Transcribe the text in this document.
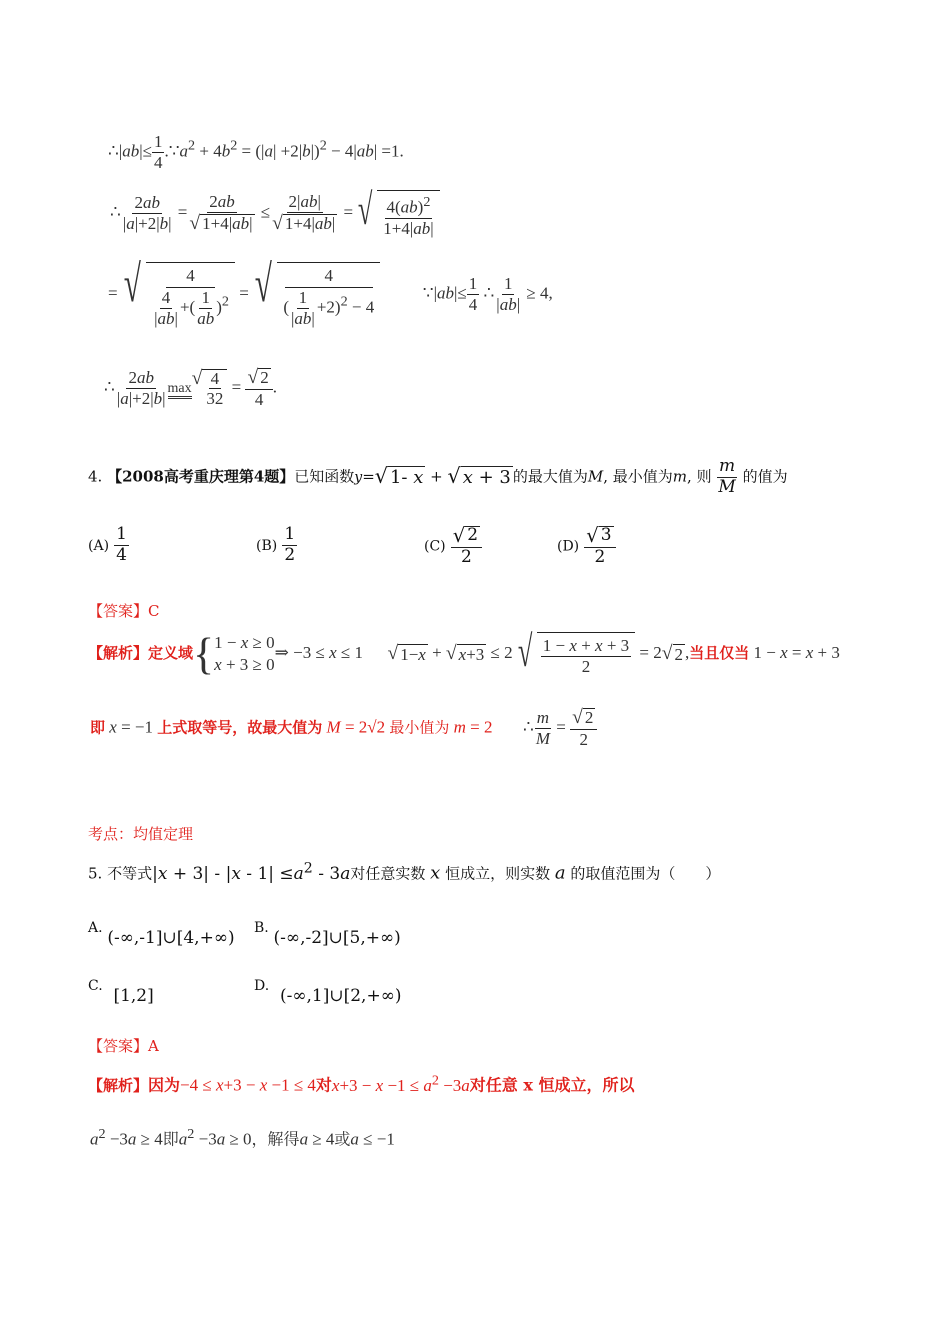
∴|ab|≤ $\frac{1}{4}$ $.\because a^2 + 4b^2 = (|a| +2|b|)^2 - 4|ab| =1$.
∴ $\frac{2ab}{|a|+2|b|} = \frac{2ab}{√ 1+4|ab|} \le \frac{2|ab|}{√ 1+4|ab|}$ = √ $\frac{4(ab)^2}{1+4|ab|}$
= √ $\frac{4}{\frac{4}{|ab|} +( \frac{1}{ab} )^2}$ = √ $\frac{4}{( \frac{1}{|ab|} +2)^2 - 4}$ ∵|ab|≤ $\frac{1}{4}$ ∴ $\frac{1}{|ab|} \ge 4$,
∴ $\frac{2ab}{|a|+2|b|}$ max
√ $\frac{4}{32} = \frac{√ 2}{4}$ .
4. 【2008高考重庆理第4题】已知函数y= √ 1- x + √ x + 3 的最大值为M, 最小值为m, 则 $\frac{m}{M}$ 的值为
$(A) \frac{1}{4}$	$(B) \frac{1}{2}$	$(C) \frac{√ 2}{2}$	$(D) \frac{√ 3}{2}$
【答案】C
【解析】定义域{ 1 − x ≥ 0
x + 3 ≥ 0
⇒ −3 ≤ x ≤ 1 √ 1−x + √ x+3 ≤ 2 √ $\frac{1 - x + x + 3}{2} = 2$ √ 2 ,当且仅当 1 − x = x + 3
即 x = −1 上式取等号，故最大值为 M = 2√2 最小值为 m = 2  ∴ $\frac{m}{M} = \frac{√ 2}{2}$
考点：均值定理
5. 不等式$|x + 3| - |x - 1| \le a^2 - 3a$对任意实数 x 恒成立，则实数 a 的取值范围为（　　）
A. (-∞,-1]∪[4,+∞) B. (-∞,-2]∪[5,+∞)
C. [1,2]	D. (-∞,1]∪[2,+∞)
【答案】A
【解析】因为−4 ≤ x+3 − x −1 ≤ 4对$x+3 - x -1 \le a^2 -3a$对任意 x 恒成立，所以
$a^2 -3a \ge 4$即$a^2 -3a \ge 0$，解得a ≥ 4或a ≤ −1
